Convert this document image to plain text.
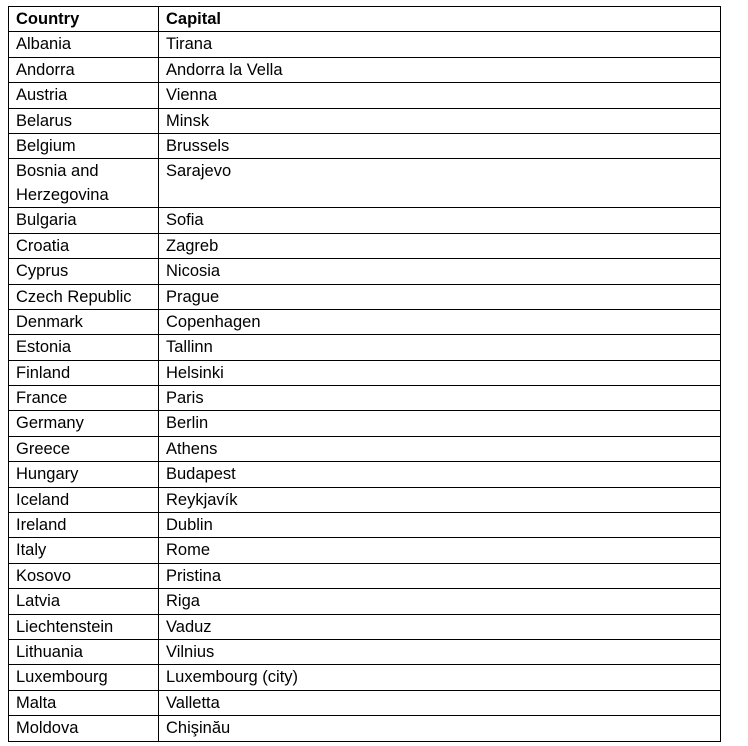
Country	Capital
Albania	Tirana
Andorra	Andorra la Vella
Austria	Vienna
Belarus	Minsk
Belgium	Brussels
Bosnia and Herzegovina	Sarajevo
Bulgaria	Sofia
Croatia	Zagreb
Cyprus	Nicosia
Czech Republic	Prague
Denmark	Copenhagen
Estonia	Tallinn
Finland	Helsinki
France	Paris
Germany	Berlin
Greece	Athens
Hungary	Budapest
Iceland	Reykjavík
Ireland	Dublin
Italy	Rome
Kosovo	Pristina
Latvia	Riga
Liechtenstein	Vaduz
Lithuania	Vilnius
Luxembourg	Luxembourg (city)
Malta	Valletta
Moldova	Chişinău
